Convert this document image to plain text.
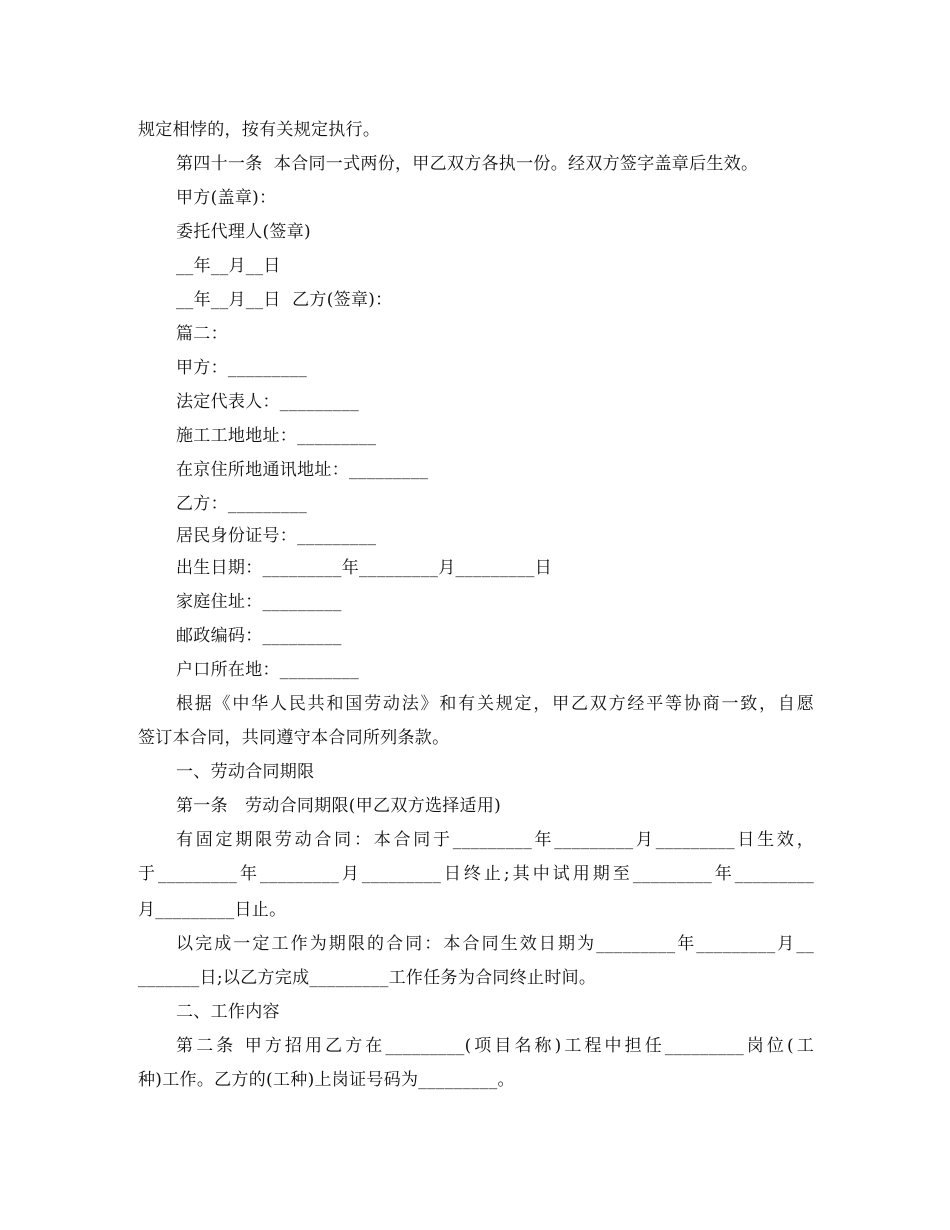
规定相悖的，按有关规定执行。
第四十一条  本合同一式两份，甲乙双方各执一份。经双方签字盖章后生效。
甲方(盖章)：
委托代理人(签章)
__年__月__日
__年__月__日  乙方(签章)：
篇二：
甲方：_________
法定代表人：_________
施工工地地址：_________
在京住所地通讯地址：_________
乙方：_________
居民身份证号：_________
出生日期：_________年_________月_________日
家庭住址：_________
邮政编码：_________
户口所在地：_________
根据《中华人民共和国劳动法》和有关规定，甲乙双方经平等协商一致，自愿
签订本合同，共同遵守本合同所列条款。
一、劳动合同期限
第一条   劳动合同期限(甲乙双方选择适用)
有固定期限劳动合同：本合同于_________年_________月_________日生效，
于_________年_________月_________日终止;其中试用期至_________年_________
月_________日止。
以完成一定工作为期限的合同：本合同生效日期为_________年_________月__
_______日;以乙方完成_________工作任务为合同终止时间。
二、工作内容
第二条 甲方招用乙方在_________(项目名称)工程中担任_________岗位(工
种)工作。乙方的(工种)上岗证号码为_________。
